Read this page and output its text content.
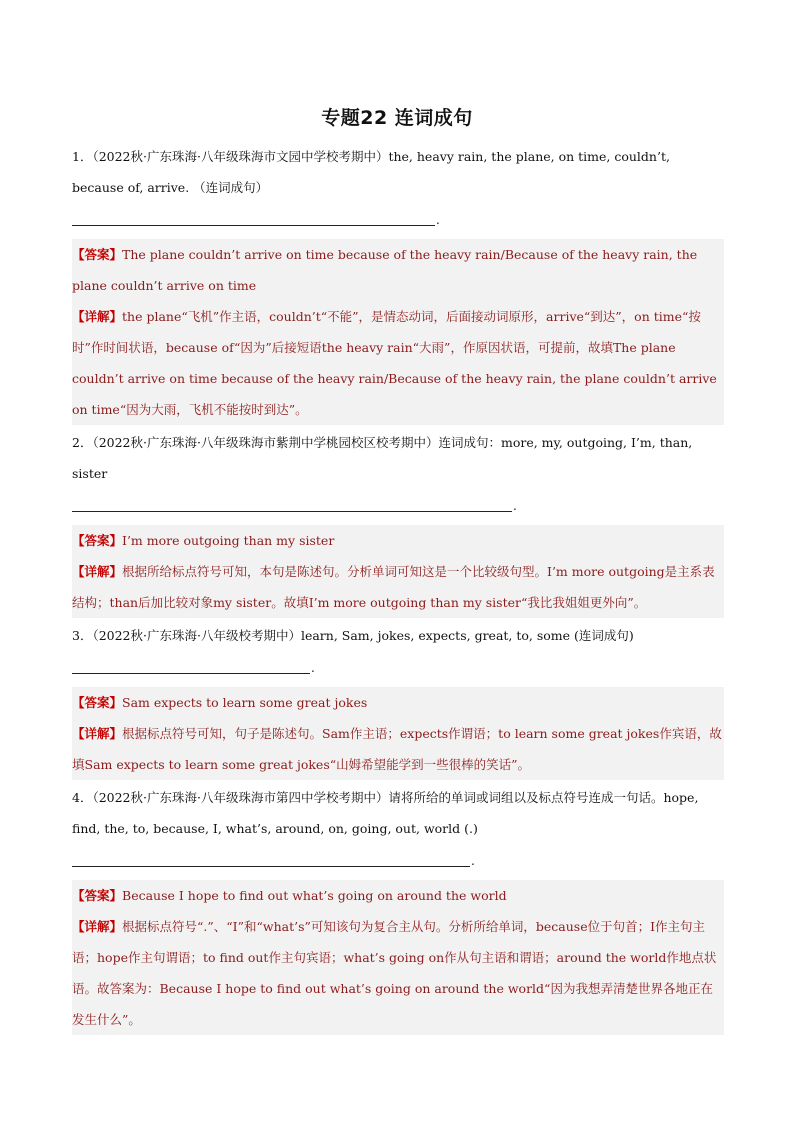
专题22 连词成句
1．（2022秋·广东珠海·八年级珠海市文园中学校考期中）the, heavy rain, the plane, on time, couldn’t, because of, arrive. （连词成句）
.
【答案】The plane couldn’t arrive on time because of the heavy rain/Because of the heavy rain, the plane couldn’t arrive on time
【详解】the plane“飞机”作主语，couldn’t“不能”，是情态动词，后面接动词原形，arrive“到达”，on time“按时”作时间状语，because of“因为”后接短语the heavy rain“大雨”，作原因状语，可提前，故填The plane couldn’t arrive on time because of the heavy rain/Because of the heavy rain, the plane couldn’t arrive on time“因为大雨，飞机不能按时到达”。
2．（2022秋·广东珠海·八年级珠海市紫荆中学桃园校区校考期中）连词成句：more, my, outgoing, I’m, than, sister
.
【答案】I’m more outgoing than my sister
【详解】根据所给标点符号可知，本句是陈述句。分析单词可知这是一个比较级句型。I’m more outgoing是主系表结构；than后加比较对象my sister。故填I’m more outgoing than my sister“我比我姐姐更外向”。
3．（2022秋·广东珠海·八年级校考期中）learn, Sam, jokes, expects, great, to, some (连词成句)
.
【答案】Sam expects to learn some great jokes
【详解】根据标点符号可知，句子是陈述句。Sam作主语；expects作谓语；to learn some great jokes作宾语，故填Sam expects to learn some great jokes“山姆希望能学到一些很棒的笑话”。
4．（2022秋·广东珠海·八年级珠海市第四中学校考期中）请将所给的单词或词组以及标点符号连成一句话。hope, find, the, to, because, I, what’s, around, on, going, out, world (.)
.
【答案】Because I hope to find out what’s going on around the world
【详解】根据标点符号“.”、“I”和“what’s”可知该句为复合主从句。分析所给单词，because位于句首；I作主句主语；hope作主句谓语；to find out作主句宾语；what’s going on作从句主语和谓语；around the world作地点状语。故答案为：Because I hope to find out what’s going on around the world“因为我想弄清楚世界各地正在发生什么”。
